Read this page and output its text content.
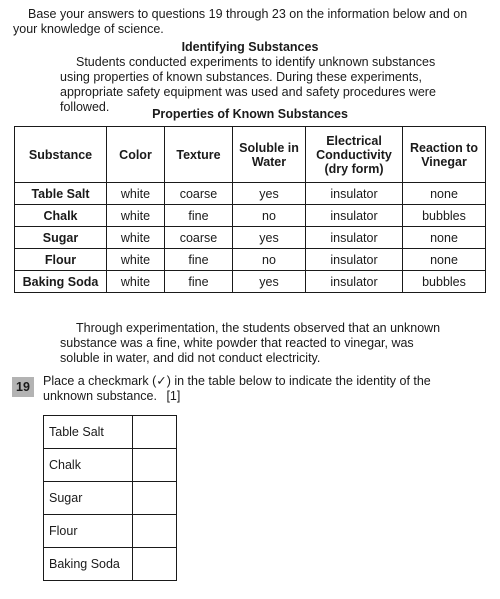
Base your answers to questions 19 through 23 on the information below and on your knowledge of science.
Identifying Substances
Students conducted experiments to identify unknown substances using properties of known substances. During these experiments, appropriate safety equipment was used and safety procedures were followed.	Properties of Known Substances
Substance	Color	Texture	Soluble in Water	Electrical Conductivity (dry form)	Reaction to Vinegar
Table Salt	white	coarse	yes	insulator	none
Chalk	white	fine	no	insulator	bubbles
Sugar	white	coarse	yes	insulator	none
Flour	white	fine	no	insulator	none
Baking Soda	white	fine	yes	insulator	bubbles
Through experimentation, the students observed that an unknown substance was a fine, white powder that reacted to vinegar, was soluble in water, and did not conduct electricity.
19	Place a checkmark (✓) in the table below to indicate the identity of the unknown substance. [1]
Table Salt	
Chalk	
Sugar	
Flour	
Baking Soda	
